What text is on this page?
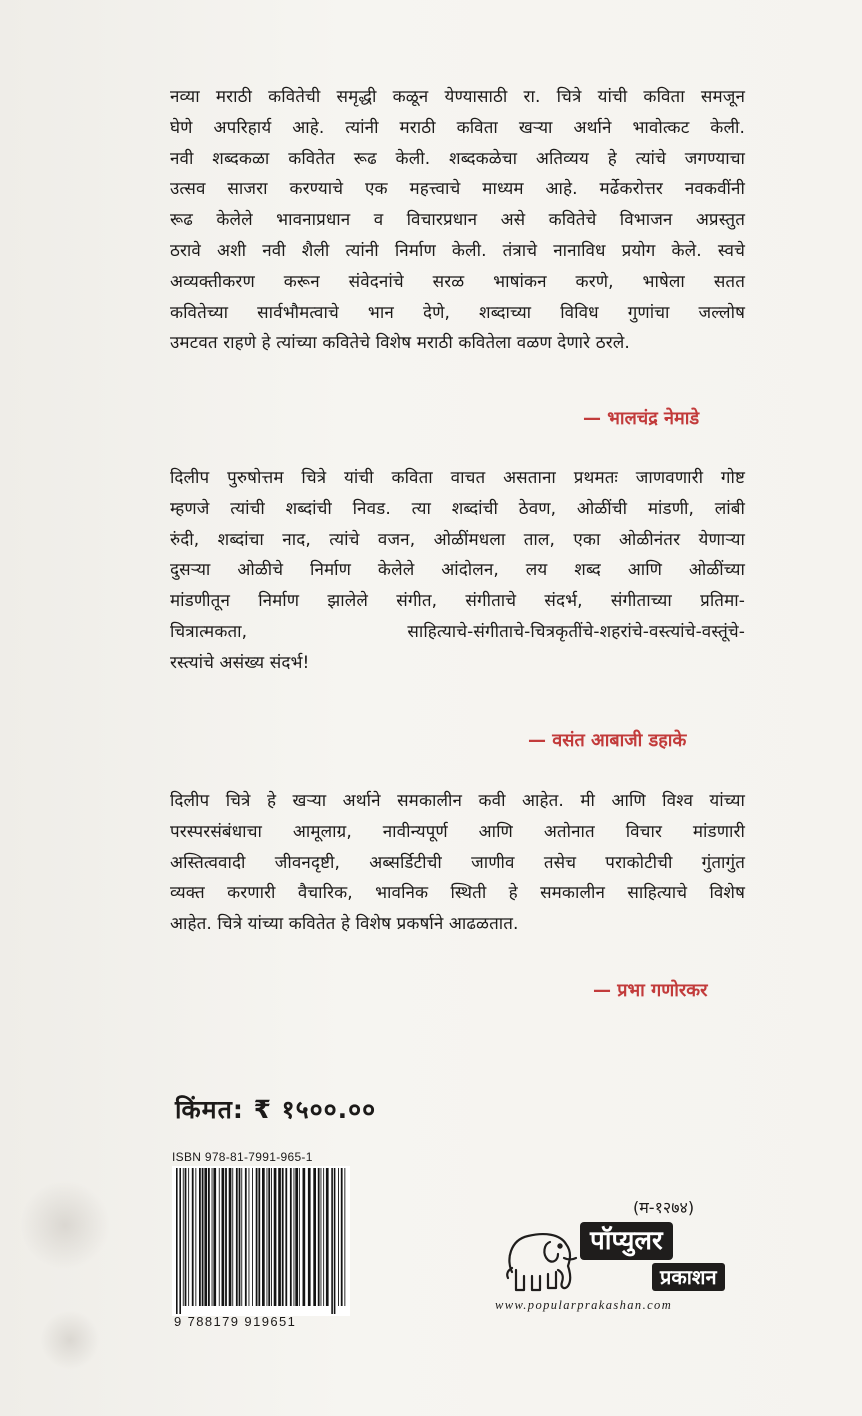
नव्या मराठी कवितेची समृद्धी कळून येण्यासाठी रा. चित्रे यांची कविता समजून

घेणे अपरिहार्य आहे. त्यांनी मराठी कविता खऱ्या अर्थाने भावोत्कट केली.

नवी शब्दकळा कवितेत रूढ केली. शब्दकळेचा अतिव्यय हे त्यांचे जगण्याचा

उत्सव साजरा करण्याचे एक महत्त्वाचे माध्यम आहे. मर्ढेकरोत्तर नवकवींनी

रूढ केलेले भावनाप्रधान व विचारप्रधान असे कवितेचे विभाजन अप्रस्तुत

ठरावे अशी नवी शैली त्यांनी निर्माण केली. तंत्राचे नानाविध प्रयोग केले. स्वचे

अव्यक्तीकरण करून संवेदनांचे सरळ भाषांकन करणे, भाषेला सतत

कवितेच्या सार्वभौमत्वाचे भान देणे, शब्दाच्या विविध गुणांचा जल्लोष

उमटवत राहणे हे त्यांच्या कवितेचे विशेष मराठी कवितेला वळण देणारे ठरले.

— भालचंद्र नेमाडे

दिलीप पुरुषोत्तम चित्रे यांची कविता वाचत असताना प्रथमतः जाणवणारी गोष्ट

म्हणजे त्यांची शब्दांची निवड. त्या शब्दांची ठेवण, ओळींची मांडणी, लांबी

रुंदी, शब्दांचा नाद, त्यांचे वजन, ओळींमधला ताल, एका ओळीनंतर येणाऱ्या

दुसऱ्या ओळीचे निर्माण केलेले आंदोलन, लय शब्द आणि ओळींच्या

मांडणीतून निर्माण झालेले संगीत, संगीताचे संदर्भ, संगीताच्या प्रतिमा-

चित्रात्मकता, साहित्याचे-संगीताचे-चित्रकृतींचे-शहरांचे-वस्त्यांचे-वस्तूंचे-

रस्त्यांचे असंख्य संदर्भ!

— वसंत आबाजी डहाके

दिलीप चित्रे हे खऱ्या अर्थाने समकालीन कवी आहेत. मी आणि विश्व यांच्या

परस्परसंबंधाचा आमूलाग्र, नावीन्यपूर्ण आणि अतोनात विचार मांडणारी

अस्तित्ववादी जीवनदृष्टी, अब्सर्डिटीची जाणीव तसेच पराकोटीची गुंतागुंत

व्यक्त करणारी वैचारिक, भावनिक स्थिती हे समकालीन साहित्याचे विशेष

आहेत. चित्रे यांच्या कवितेत हे विशेष प्रकर्षाने आढळतात.

— प्रभा गणोरकर
किंमत: ₹ १५००.००
ISBN 978-81-7991-965-1
9 788179 919651
(म-१२७४)
पॉप्युलर
प्रकाशन
www.popularprakashan.com
